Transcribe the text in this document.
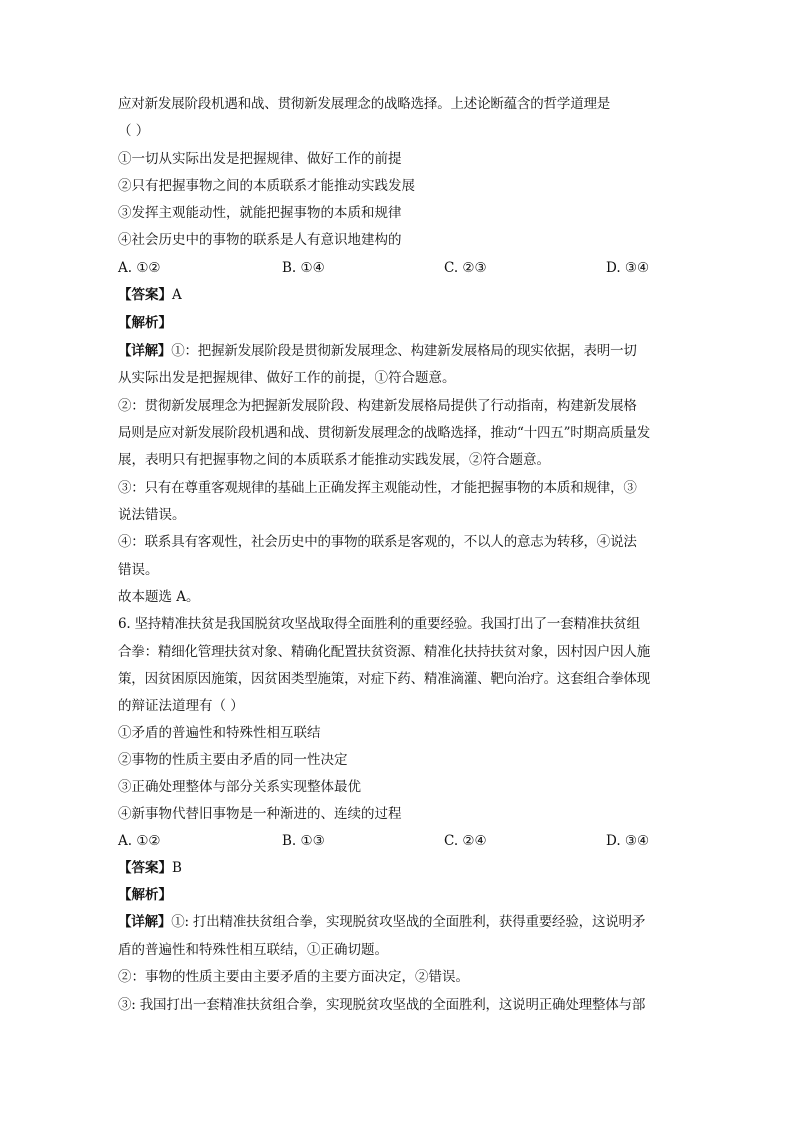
应对新发展阶段机遇和战、贯彻新发展理念的战略选择。上述论断蕴含的哲学道理是
（ ）
①一切从实际出发是把握规律、做好工作的前提
②只有把握事物之间的本质联系才能推动实践发展
③发挥主观能动性，就能把握事物的本质和规律
④社会历史中的事物的联系是人有意识地建构的
A. ①②	B. ①④	C. ②③	D. ③④
【答案】A
【解析】
【详解】①：把握新发展阶段是贯彻新发展理念、构建新发展格局的现实依据，表明一切
从实际出发是把握规律、做好工作的前提，①符合题意。
②：贯彻新发展理念为把握新发展阶段、构建新发展格局提供了行动指南，构建新发展格
局则是应对新发展阶段机遇和战、贯彻新发展理念的战略选择，推动“十四五”时期高质量发
展，表明只有把握事物之间的本质联系才能推动实践发展，②符合题意。
③：只有在尊重客观规律的基础上正确发挥主观能动性，才能把握事物的本质和规律，③
说法错误。
④：联系具有客观性，社会历史中的事物的联系是客观的，不以人的意志为转移，④说法
错误。
故本题选 A。
6. 坚持精准扶贫是我国脱贫攻坚战取得全面胜利的重要经验。我国打出了一套精准扶贫组
合拳：精细化管理扶贫对象、精确化配置扶贫资源、精准化扶持扶贫对象，因村因户因人施
策，因贫困原因施策，因贫困类型施策，对症下药、精准滴灌、靶向治疗。这套组合拳体现
的辩证法道理有（ ）
①矛盾的普遍性和特殊性相互联结
②事物的性质主要由矛盾的同一性决定
③正确处理整体与部分关系实现整体最优
④新事物代替旧事物是一种渐进的、连续的过程
A. ①②	B. ①③	C. ②④	D. ③④
【答案】B
【解析】
【详解】①: 打出精准扶贫组合拳，实现脱贫攻坚战的全面胜利，获得重要经验，这说明矛
盾的普遍性和特殊性相互联结，①正确切题。
②：事物的性质主要由主要矛盾的主要方面决定，②错误。
③: 我国打出一套精准扶贫组合拳，实现脱贫攻坚战的全面胜利，这说明正确处理整体与部
